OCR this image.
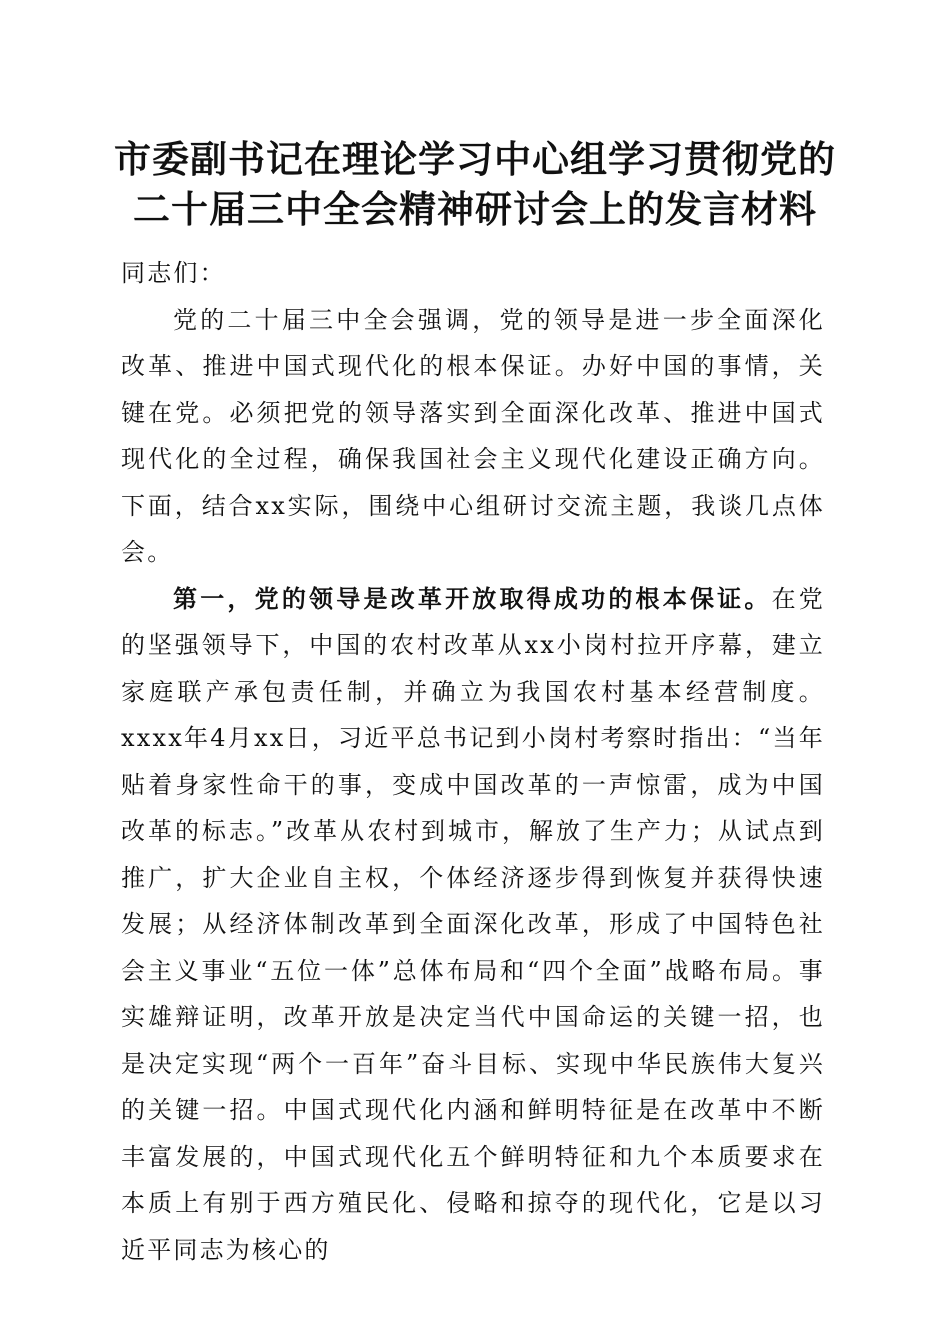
市委副书记在理论学习中心组学习贯彻党的二十届三中全会精神研讨会上的发言材料

同志们：

党的二十届三中全会强调，党的领导是进一步全面深化改革、推进中国式现代化的根本保证。办好中国的事情，关键在党。必须把党的领导落实到全面深化改革、推进中国式现代化的全过程，确保我国社会主义现代化建设正确方向。下面，结合xx实际，围绕中心组研讨交流主题，我谈几点体会。

第一，党的领导是改革开放取得成功的根本保证。在党的坚强领导下，中国的农村改革从xx小岗村拉开序幕，建立家庭联产承包责任制，并确立为我国农村基本经营制度。xxxx年4月xx日，习近平总书记到小岗村考察时指出：“当年贴着身家性命干的事，变成中国改革的一声惊雷，成为中国改革的标志。”改革从农村到城市，解放了生产力；从试点到推广，扩大企业自主权，个体经济逐步得到恢复并获得快速发展；从经济体制改革到全面深化改革，形成了中国特色社会主义事业“五位一体”总体布局和“四个全面”战略布局。事实雄辩证明，改革开放是决定当代中国命运的关键一招，也是决定实现“两个一百年”奋斗目标、实现中华民族伟大复兴的关键一招。中国式现代化内涵和鲜明特征是在改革中不断丰富发展的，中国式现代化五个鲜明特征和九个本质要求在本质上有别于西方殖民化、侵略和掠夺的现代化，它是以习近平同志为核心的
